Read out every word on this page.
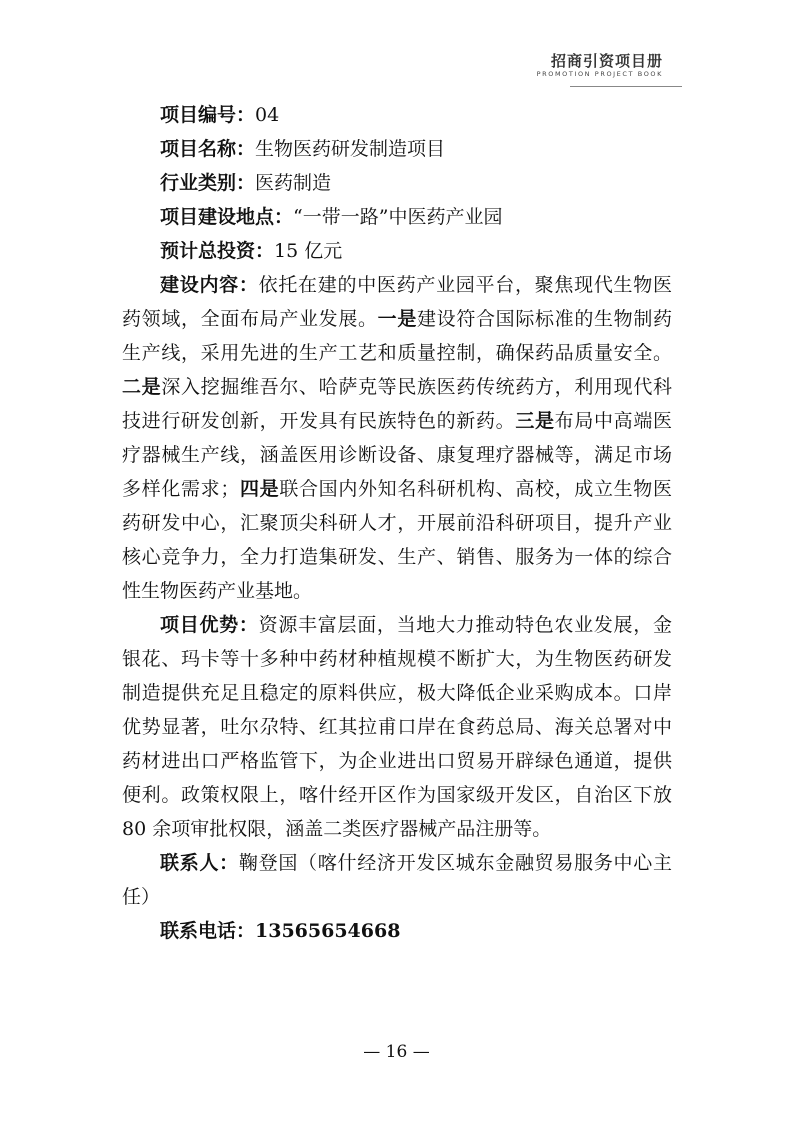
招商引资项目册
PROMOTION PROJECT BOOK

项目编号：04

项目名称：生物医药研发制造项目

行业类别：医药制造

项目建设地点：“一带一路”中医药产业园

预计总投资：15 亿元

建设内容：依托在建的中医药产业园平台，聚焦现代生物医药领域，全面布局产业发展。一是建设符合国际标准的生物制药生产线，采用先进的生产工艺和质量控制，确保药品质量安全。二是深入挖掘维吾尔、哈萨克等民族医药传统药方，利用现代科技进行研发创新，开发具有民族特色的新药。三是布局中高端医疗器械生产线，涵盖医用诊断设备、康复理疗器械等，满足市场多样化需求；四是联合国内外知名科研机构、高校，成立生物医药研发中心，汇聚顶尖科研人才，开展前沿科研项目，提升产业核心竞争力，全力打造集研发、生产、销售、服务为一体的综合性生物医药产业基地。

项目优势：资源丰富层面，当地大力推动特色农业发展，金银花、玛卡等十多种中药材种植规模不断扩大，为生物医药研发制造提供充足且稳定的原料供应，极大降低企业采购成本。口岸优势显著，吐尔尕特、红其拉甫口岸在食药总局、海关总署对中药材进出口严格监管下，为企业进出口贸易开辟绿色通道，提供便利。政策权限上，喀什经开区作为国家级开发区，自治区下放 80 余项审批权限，涵盖二类医疗器械产品注册等。

联系人：鞠登国（喀什经济开发区城东金融贸易服务中心主任）

联系电话：13565654668

— 16 —
